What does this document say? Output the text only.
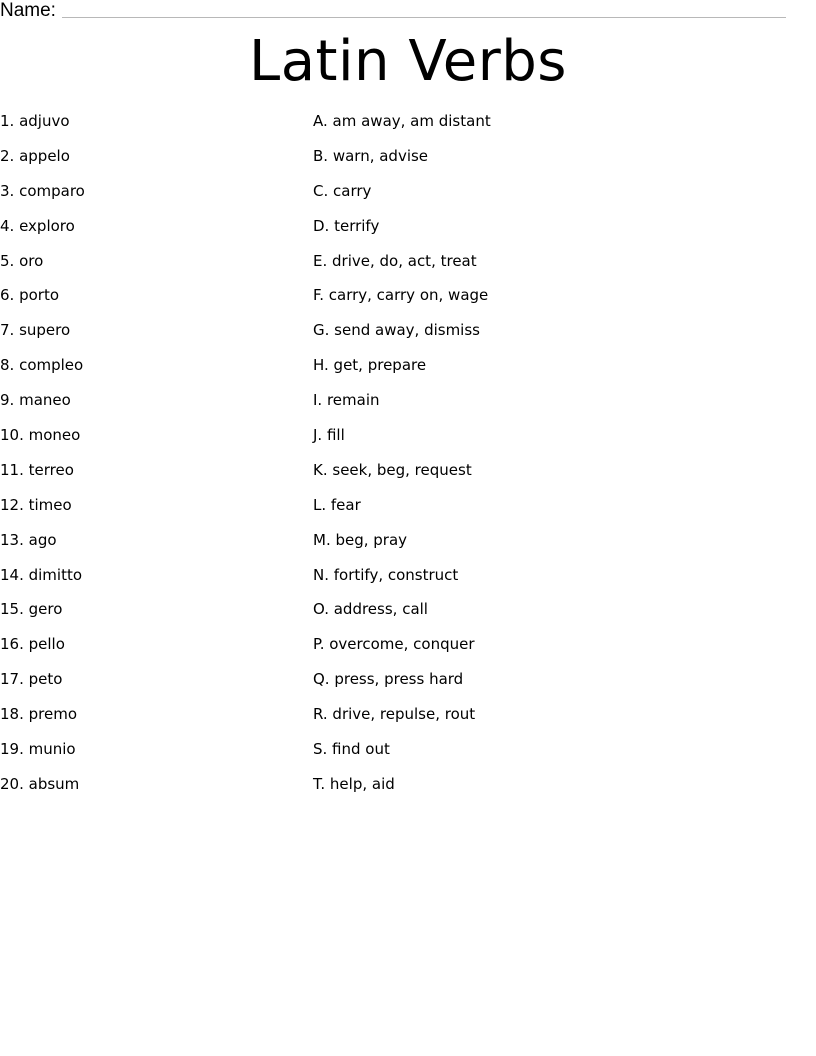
Name:
Latin Verbs
1. adjuvo
2. appelo
3. comparo
4. exploro
5. oro
6. porto
7. supero
8. compleo
9. maneo
10. moneo
11. terreo
12. timeo
13. ago
14. dimitto
15. gero
16. pello
17. peto
18. premo
19. munio
20. absum
A. am away, am distant
B. warn, advise
C. carry
D. terrify
E. drive, do, act, treat
F. carry, carry on, wage
G. send away, dismiss
H. get, prepare
I. remain
J. fill
K. seek, beg, request
L. fear
M. beg, pray
N. fortify, construct
O. address, call
P. overcome, conquer
Q. press, press hard
R. drive, repulse, rout
S. find out
T. help, aid
